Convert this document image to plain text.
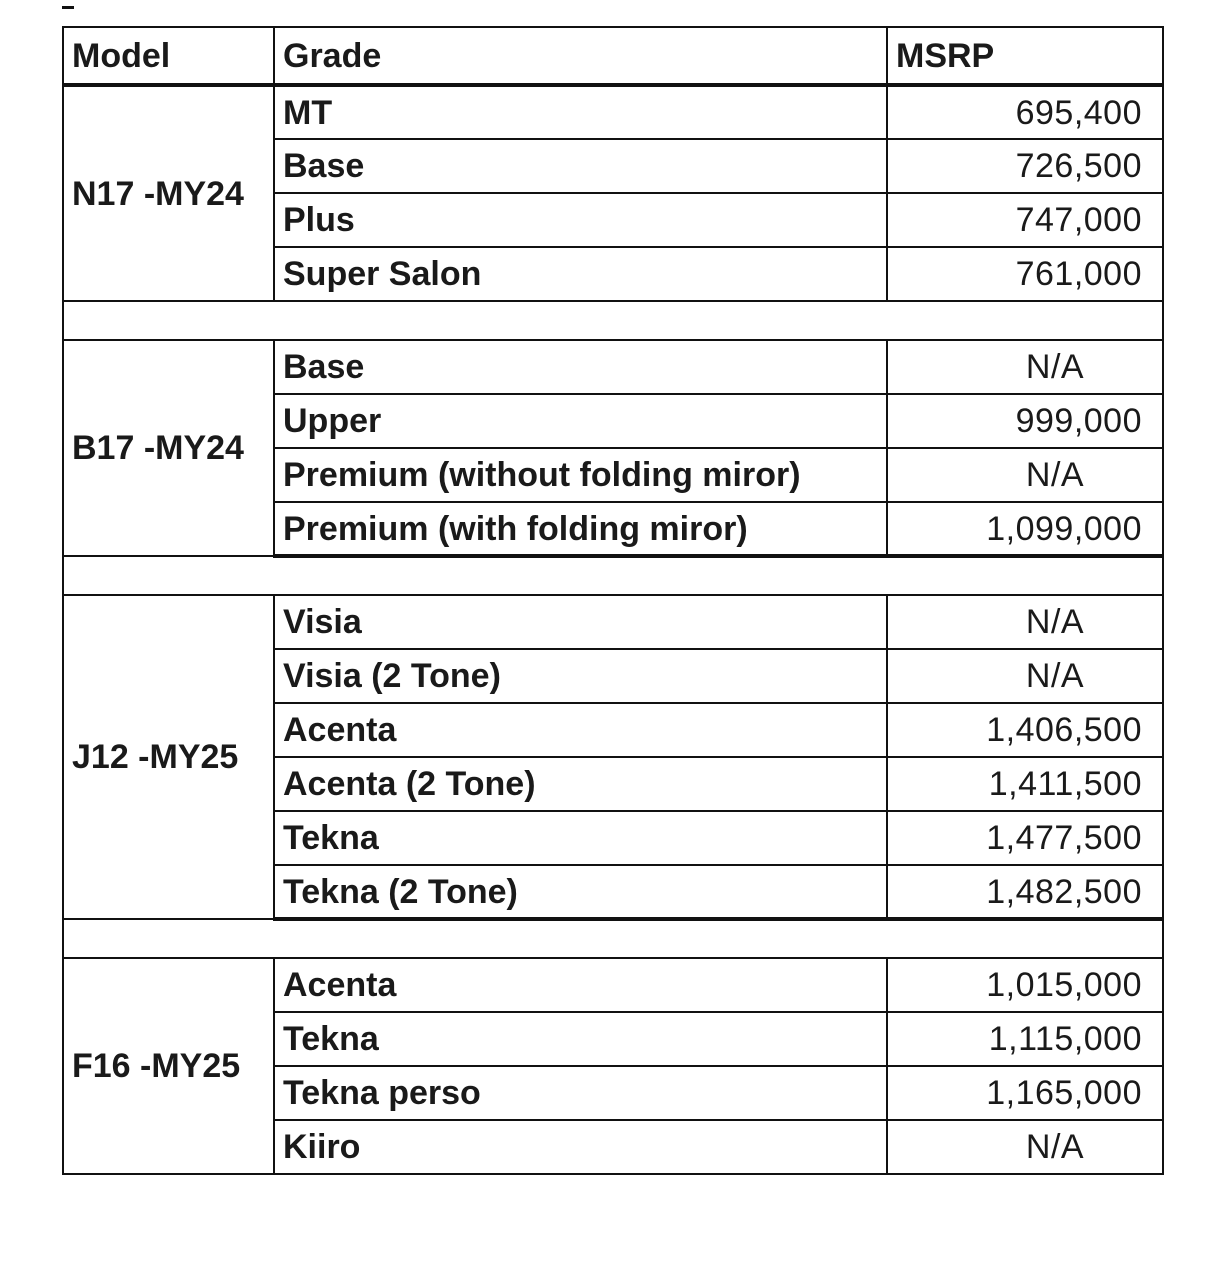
Model	Grade	MSRP
N17 -MY24	MT	695,400
	Base	726,500
	Plus	747,000
	Super Salon	761,000

B17 -MY24	Base	N/A
	Upper	999,000
	Premium (without folding miror)	N/A
	Premium (with folding miror)	1,099,000

J12 -MY25	Visia	N/A
	Visia (2 Tone)	N/A
	Acenta	1,406,500
	Acenta (2 Tone)	1,411,500
	Tekna	1,477,500
	Tekna (2 Tone)	1,482,500

F16 -MY25	Acenta	1,015,000
	Tekna	1,115,000
	Tekna perso	1,165,000
	Kiiro	N/A
